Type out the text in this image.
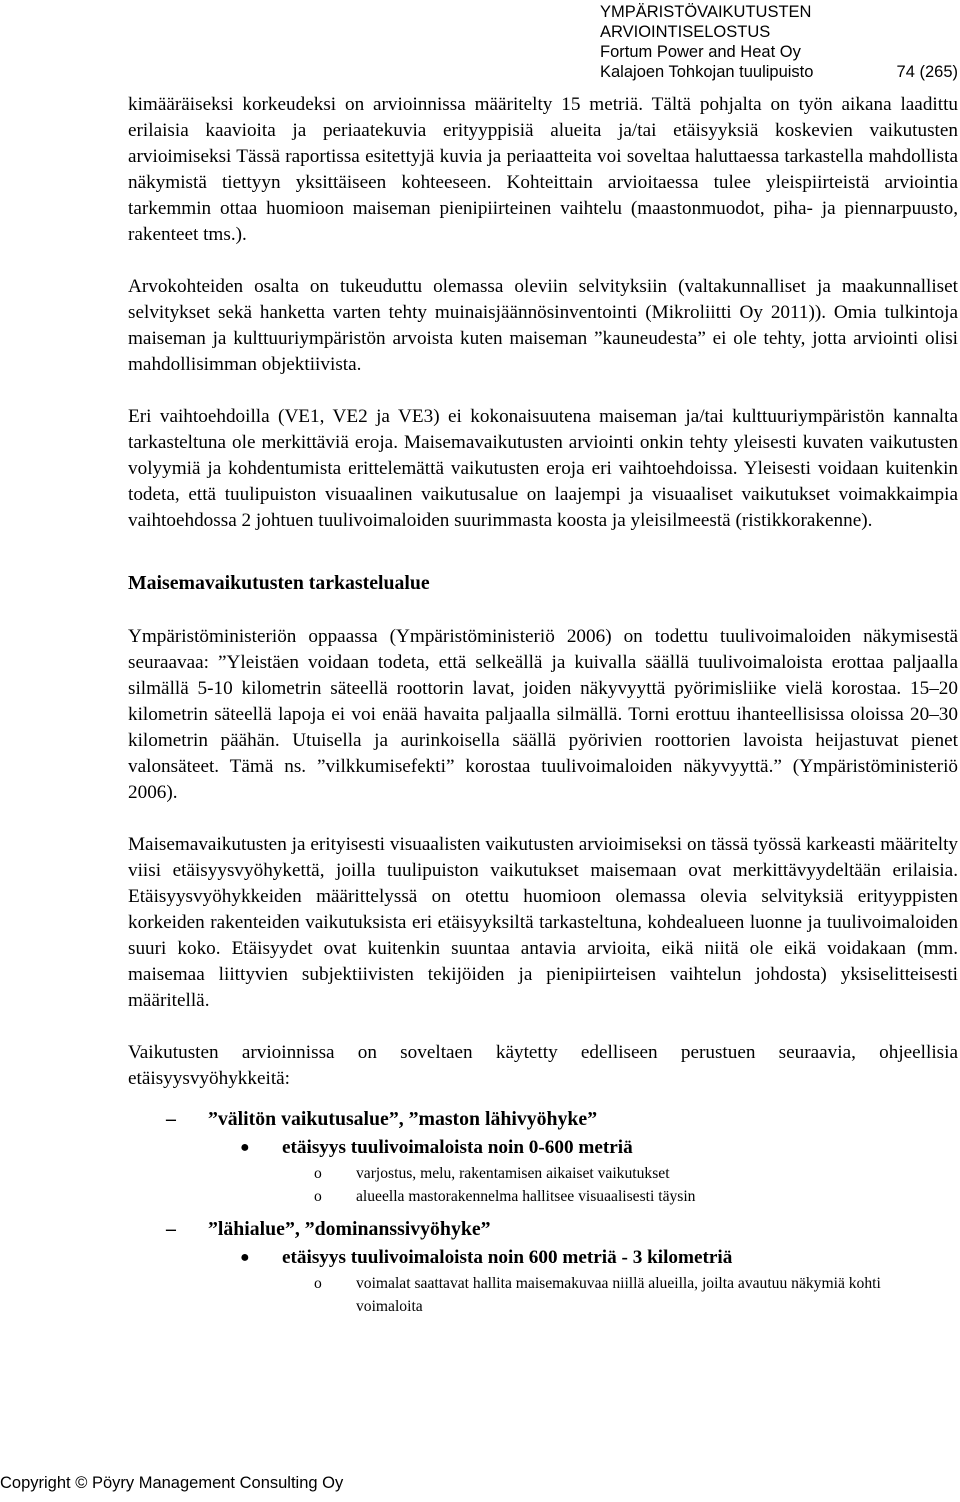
YMPÄRISTÖVAIKUTUSTEN
ARVIOINTISELOSTUS
Fortum Power and Heat Oy
Kalajoen Tohkojan tuulipuisto	74 (265)

kimääräiseksi korkeudeksi on arvioinnissa määritelty 15 metriä. Tältä pohjalta on työn aikana laadittu erilaisia kaavioita ja periaatekuvia erityyppisiä alueita ja/tai etäisyyksiä koskevien vaikutusten arvioimiseksi Tässä raportissa esitettyjä kuvia ja periaatteita voi soveltaa haluttaessa tarkastella mahdollista näkymistä tiettyyn yksittäiseen kohteeseen. Kohteittain arvioitaessa tulee yleispiirteistä arviointia tarkemmin ottaa huomioon maiseman pienipiirteinen vaihtelu (maastonmuodot, piha- ja piennarpuusto, rakenteet tms.).

Arvokohteiden osalta on tukeuduttu olemassa oleviin selvityksiin (valtakunnalliset ja maakunnalliset selvitykset sekä hanketta varten tehty muinaisjäännösinventointi (Mikroliitti Oy 2011)). Omia tulkintoja maiseman ja kulttuuriympäristön arvoista kuten maiseman ”kauneudesta” ei ole tehty, jotta arviointi olisi mahdollisimman objektiivista.

Eri vaihtoehdoilla (VE1, VE2 ja VE3) ei kokonaisuutena maiseman ja/tai kulttuuriympäristön kannalta tarkasteltuna ole merkittäviä eroja. Maisemavaikutusten arviointi onkin tehty yleisesti kuvaten vaikutusten volyymiä ja kohdentumista erittelemättä vaikutusten eroja eri vaihtoehdoissa. Yleisesti voidaan kuitenkin todeta, että tuulipuiston visuaalinen vaikutusalue on laajempi ja visuaaliset vaikutukset voimakkaimpia vaihtoehdossa 2 johtuen tuulivoimaloiden suurimmasta koosta ja yleisilmeestä (ristikkorakenne).

Maisemavaikutusten tarkastelualue

Ympäristöministeriön oppaassa (Ympäristöministeriö 2006) on todettu tuulivoimaloiden näkymisestä seuraavaa: ”Yleistäen voidaan todeta, että selkeällä ja kuivalla säällä tuulivoimaloista erottaa paljaalla silmällä 5-10 kilometrin säteellä roottorin lavat, joiden näkyvyyttä pyörimisliike vielä korostaa. 15–20 kilometrin säteellä lapoja ei voi enää havaita paljaalla silmällä. Torni erottuu ihanteellisissa oloissa 20–30 kilometrin päähän. Utuisella ja aurinkoisella säällä pyörivien roottorien lavoista heijastuvat pienet valonsäteet. Tämä ns. ”vilkkumisefekti” korostaa tuulivoimaloiden näkyvyyttä.” (Ympäristöministeriö 2006).

Maisemavaikutusten ja erityisesti visuaalisten vaikutusten arvioimiseksi on tässä työssä karkeasti määritelty viisi etäisyysvyöhykettä, joilla tuulipuiston vaikutukset maisemaan ovat merkittävyydeltään erilaisia. Etäisyysvyöhykkeiden määrittelyssä on otettu huomioon olemassa olevia selvityksiä erityyppisten korkeiden rakenteiden vaikutuksista eri etäisyyksiltä tarkasteltuna, kohdealueen luonne ja tuulivoimaloiden suuri koko. Etäisyydet ovat kuitenkin suuntaa antavia arvioita, eikä niitä ole eikä voidakaan (mm. maisemaa liittyvien subjektiivisten tekijöiden ja pienipiirteisen vaihtelun johdosta) yksiselitteisesti määritellä.

Vaikutusten arvioinnissa on soveltaen käytetty edelliseen perustuen seuraavia, ohjeellisia etäisyysvyöhykkeitä:

–	”välitön vaikutusalue”, ”maston lähivyöhyke”
●	etäisyys tuulivoimaloista noin 0-600 metriä
o	varjostus, melu, rakentamisen aikaiset vaikutukset
o	alueella mastorakennelma hallitsee visuaalisesti täysin
–	”lähialue”, ”dominanssivyöhyke”
●	etäisyys tuulivoimaloista noin 600 metriä - 3 kilometriä
o	voimalat saattavat hallita maisemakuvaa niillä alueilla, joilta avautuu näkymiä kohti voimaloita
Copyright © Pöyry Management Consulting Oy
